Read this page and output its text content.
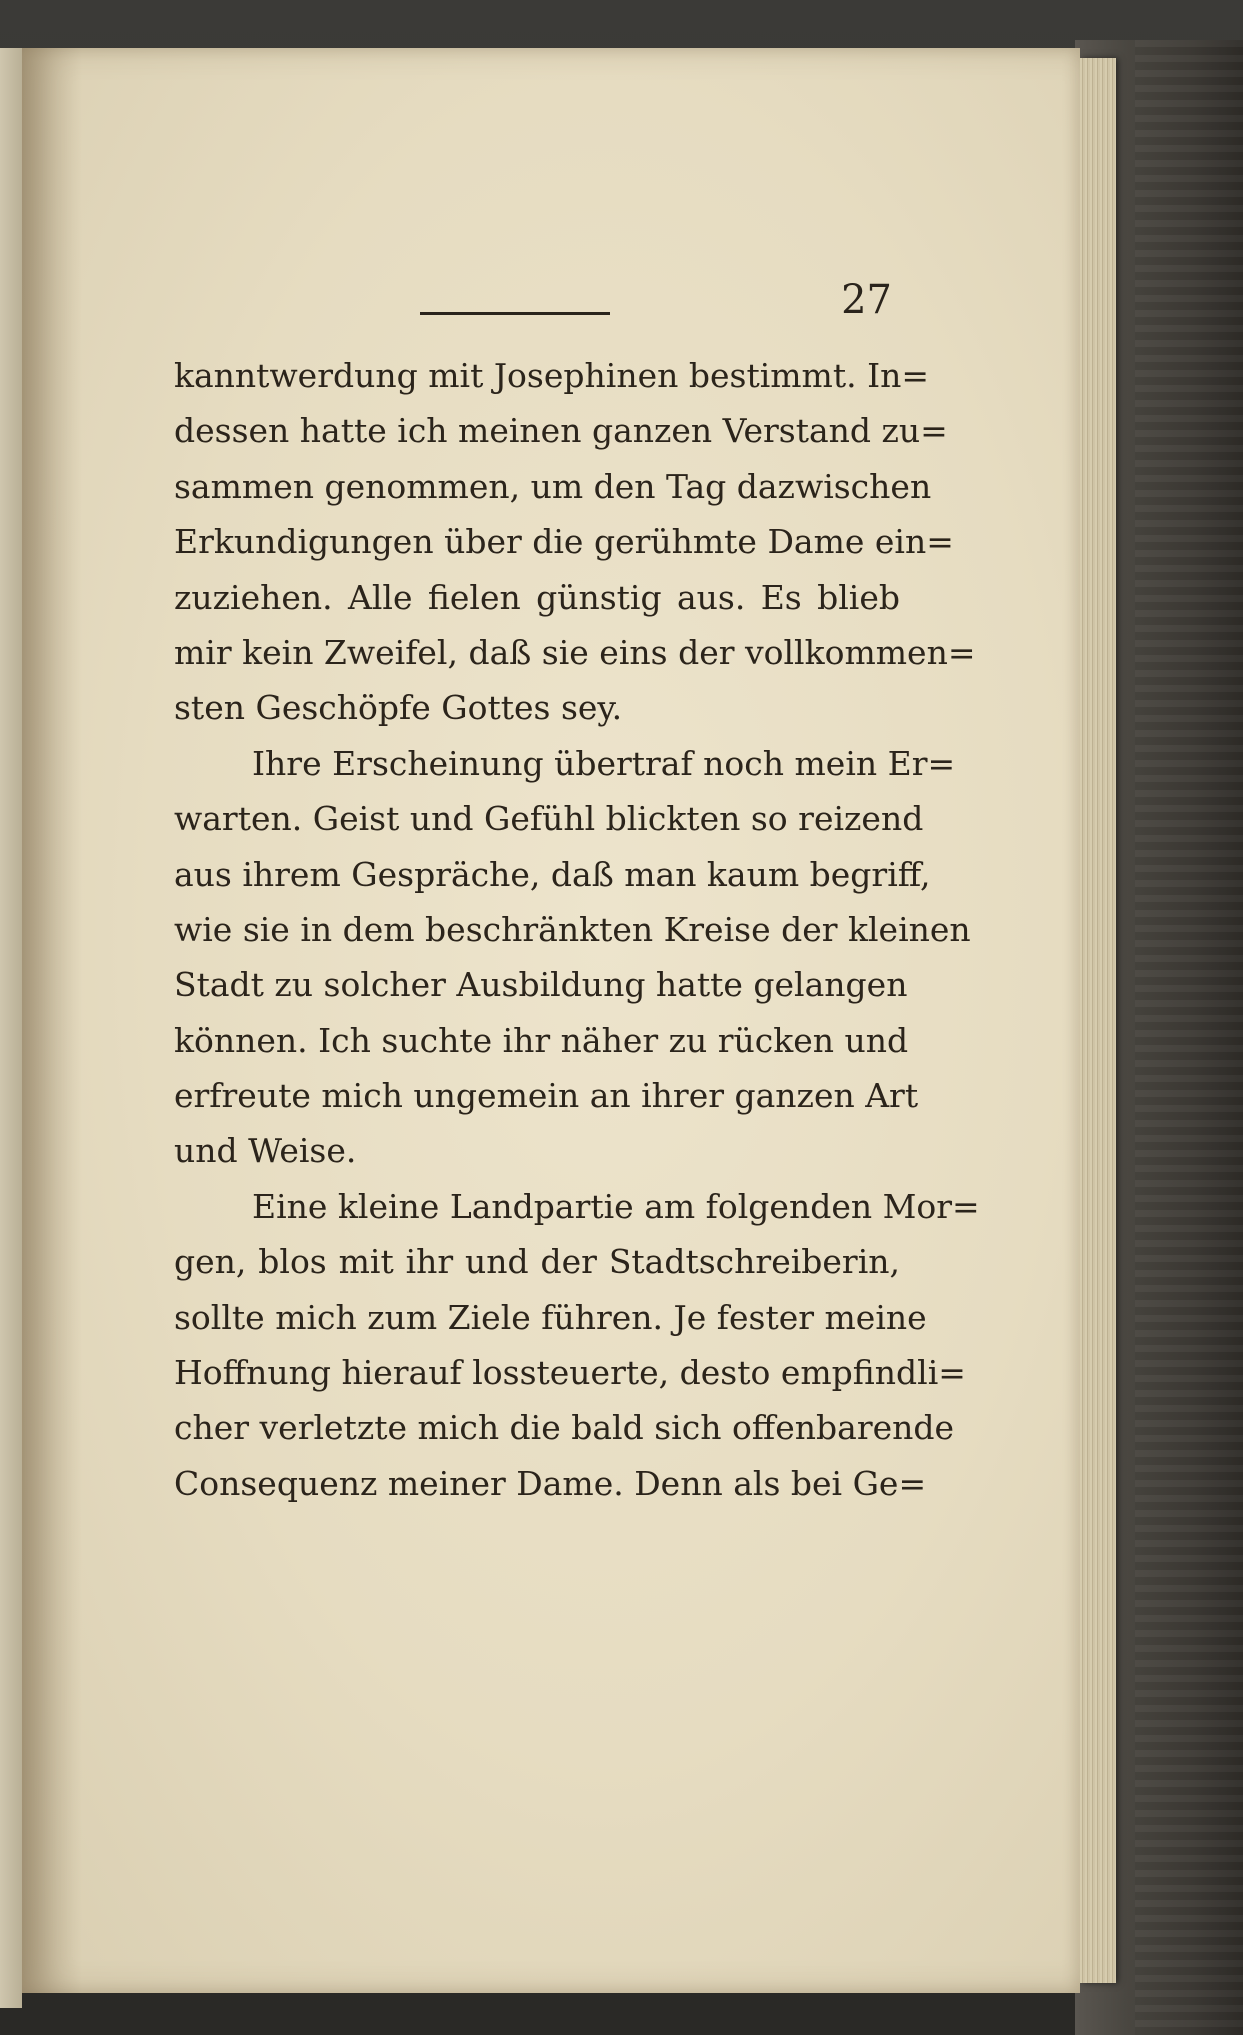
27
kanntwerdung mit Josephinen bestimmt. In=
dessen hatte ich meinen ganzen Verstand zu=
sammen genommen, um den Tag dazwischen
Erkundigungen über die gerühmte Dame ein=
zuziehen. Alle fielen günstig aus. Es blieb
mir kein Zweifel, daß sie eins der vollkommen=
sten Geschöpfe Gottes sey.
Ihre Erscheinung übertraf noch mein Er=
warten. Geist und Gefühl blickten so reizend
aus ihrem Gespräche, daß man kaum begriff,
wie sie in dem beschränkten Kreise der kleinen
Stadt zu solcher Ausbildung hatte gelangen
können. Ich suchte ihr näher zu rücken und
erfreute mich ungemein an ihrer ganzen Art
und Weise.
Eine kleine Landpartie am folgenden Mor=
gen, blos mit ihr und der Stadtschreiberin,
sollte mich zum Ziele führen. Je fester meine
Hoffnung hierauf lossteuerte, desto empfindli=
cher verletzte mich die bald sich offenbarende
Consequenz meiner Dame. Denn als bei Ge=
